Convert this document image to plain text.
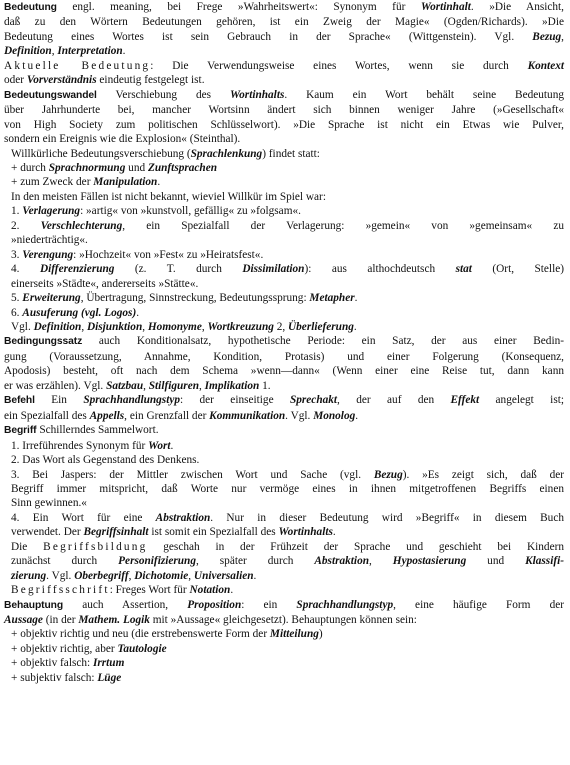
Bedeutung engl. meaning, bei Frege »Wahrheitswert«: Synonym für Wortinhalt. »Die Ansicht,
daß zu den Wörtern Bedeutungen gehören, ist ein Zweig der Magie« (Ogden/Richards). »Die
Bedeutung eines Wortes ist sein Gebrauch in der Sprache« (Wittgenstein). Vgl. Bezug,
Definition, Interpretation.
Aktuelle Bedeutung: Die Verwendungsweise eines Wortes, wenn sie durch Kontext
oder Vorverständnis eindeutig festgelegt ist.
Bedeutungswandel Verschiebung des Wortinhalts. Kaum ein Wort behält seine Bedeutung
über Jahrhunderte bei, mancher Wortsinn ändert sich binnen weniger Jahre (»Gesellschaft«
von High Society zum politischen Schlüsselwort). »Die Sprache ist nicht ein Etwas wie Pulver,
sondern ein Ereignis wie die Explosion« (Steinthal).
Willkürliche Bedeutungsverschiebung (Sprachlenkung) findet statt:
+ durch Sprachnormung und Zunftsprachen
+ zum Zweck der Manipulation.
In den meisten Fällen ist nicht bekannt, wieviel Willkür im Spiel war:
1. Verlagerung: »artig« von »kunstvoll, gefällig« zu »folgsam«.
2. Verschlechterung, ein Spezialfall der Verlagerung: »gemein« von »gemeinsam« zu
»niederträchtig«.
3. Verengung: »Hochzeit« von »Fest« zu »Heiratsfest«.
4. Differenzierung (z. T. durch Dissimilation): aus althochdeutsch stat (Ort, Stelle)
einerseits »Städte«, andererseits »Stätte«.
5. Erweiterung, Übertragung, Sinnstreckung, Bedeutungssprung: Metapher.
6. Ausuferung (vgl. Logos).
Vgl. Definition, Disjunktion, Homonyme, Wortkreuzung 2, Überlieferung.
Bedingungssatz auch Konditionalsatz, hypothetische Periode: ein Satz, der aus einer Bedin-
gung (Voraussetzung, Annahme, Kondition, Protasis) und einer Folgerung (Konsequenz,
Apodosis) besteht, oft nach dem Schema »wenn—dann« (Wenn einer eine Reise tut, dann kann
er was erzählen). Vgl. Satzbau, Stilfiguren, Implikation 1.
Befehl Ein Sprachhandlungstyp: der einseitige Sprechakt, der auf den Effekt angelegt ist;
ein Spezialfall des Appells, ein Grenzfall der Kommunikation. Vgl. Monolog.
Begriff Schillerndes Sammelwort.
1. Irreführendes Synonym für Wort.
2. Das Wort als Gegenstand des Denkens.
3. Bei Jaspers: der Mittler zwischen Wort und Sache (vgl. Bezug). »Es zeigt sich, daß der
Begriff immer mitspricht, daß Worte nur vermöge eines in ihnen mitgetroffenen Begriffs einen
Sinn gewinnen.«
4. Ein Wort für eine Abstraktion. Nur in dieser Bedeutung wird »Begriff« in diesem Buch
verwendet. Der Begriffsinhalt ist somit ein Spezialfall des Wortinhalts.
Die Begriffsbildung geschah in der Frühzeit der Sprache und geschieht bei Kindern
zunächst durch Personifizierung, später durch Abstraktion, Hypostasierung und Klassifi-
zierung. Vgl. Oberbegriff, Dichotomie, Universalien.
Begriffsschrift: Freges Wort für Notation.
Behauptung auch Assertion, Proposition: ein Sprachhandlungstyp, eine häufige Form der
Aussage (in der Mathem. Logik mit »Aussage« gleichgesetzt). Behauptungen können sein:
+ objektiv richtig und neu (die erstrebenswerte Form der Mitteilung)
+ objektiv richtig, aber Tautologie
+ objektiv falsch: Irrtum
+ subjektiv falsch: Lüge
